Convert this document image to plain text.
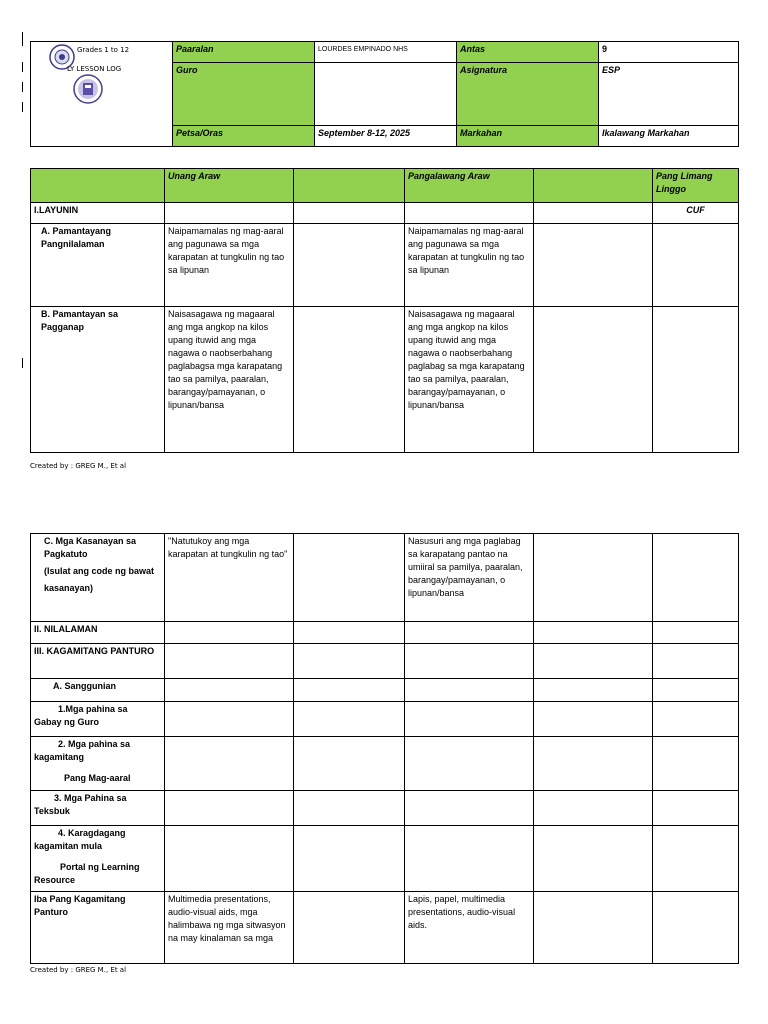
Grades 1 to 12
LY LESSON LOG	Paaralan	LOURDES EMPINADO NHS	Antas	9
	Guro		Asignatura	ESP
	Petsa/Oras	September 8-12, 2025	Markahan	Ikalawang Markahan
	Unang Araw		Pangalawang Araw		Pang Limang Linggo
I.LAYUNIN					CUF
A. Pamantayang Pangnilalaman	Naipamamalas ng mag-aaral ang pagunawa sa mga karapatan at tungkulin ng tao sa lipunan		Naipamamalas ng mag-aaral ang pagunawa sa mga karapatan at tungkulin ng tao sa lipunan		
B. Pamantayan sa Pagganap	Naisasagawa ng magaaral ang mga angkop na kilos upang ituwid ang mga nagawa o naobserbahang paglabagsa mga karapatang tao sa pamilya, paaralan, barangay/pamayanan, o lipunan/bansa		Naisasagawa ng magaaral ang mga angkop na kilos upang ituwid ang mga nagawa o naobserbahang paglabag sa mga karapatang tao sa pamilya, paaralan, barangay/pamayanan, o lipunan/bansa		
Created by : GREG M., Et al
C. Mga Kasanayan sa Pagkatuto
(Isulat ang code ng bawat
kasanayan)	"Natutukoy ang mga karapatan at tungkulin ng tao"		Nasusuri ang mga paglabag sa karapatang pantao na umiiral sa pamilya, paaralan, barangay/pamayanan, o lipunan/bansa		
II. NILALAMAN					
III. KAGAMITANG PANTURO					
A. Sanggunian					

1.Mga pahina sa
Gabay ng Guro					

2. Mga pahina sa
kagamitang
Pang Mag-aaral					

3. Mga Pahina sa
Teksbuk					

4. Karagdagang
kagamitan mula
Portal ng Learning
Resource					

Iba Pang Kagamitang Panturo	Multimedia presentations, audio-visual aids, mga halimbawa ng mga sitwasyon na may kinalaman sa mga		Lapis, papel, multimedia presentations, audio-visual aids.		
Created by : GREG M., Et al
